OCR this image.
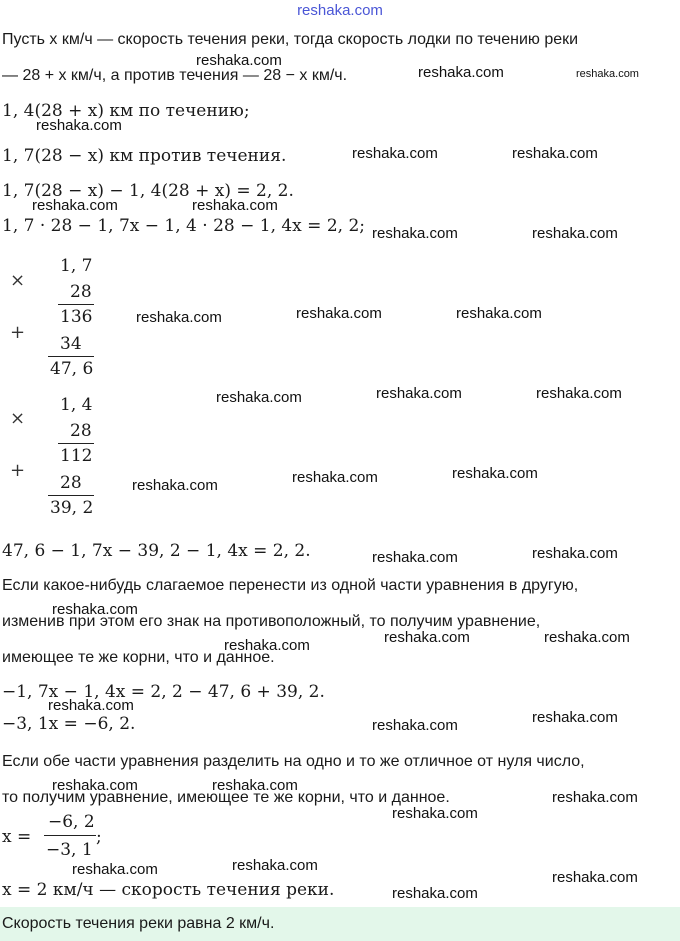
reshaka.com
Пусть x км/ч — скорость течения реки, тогда скорость лодки по течению реки
— 28 + x км/ч, а против течения — 28 − x км/ч.
1, 4(28 + x) км по течению;
1, 7(28 − x) км против течения.
1, 7(28 − x) − 1, 4(28 + x) = 2, 2.
1, 7 · 28 − 1, 7x − 1, 4 · 28 − 1, 4x = 2, 2;
×
+
1, 7
28
136
34
47, 6
×
+
1, 4
28
112
28
39, 2
47, 6 − 1, 7x − 39, 2 − 1, 4x = 2, 2.
Если какое-нибудь слагаемое перенести из одной части уравнения в другую,
изменив при этом его знак на противоположный, то получим уравнение,
имеющее те же корни, что и данное.
−1, 7x − 1, 4x = 2, 2 − 47, 6 + 39, 2.
−3, 1x = −6, 2.
Если обе части уравнения разделить на одно и то же отличное от нуля число,
то получим уравнение, имеющее те же корни, что и данное.
x =
−6, 2
−3, 1
;
x = 2 км/ч — скорость течения реки.
Скорость течения реки равна 2 км/ч.
reshaka.com
reshaka.com	reshaka.com
reshaka.com
reshaka.com	reshaka.com
reshaka.com	reshaka.com
reshaka.com	reshaka.com
reshaka.com	reshaka.com	reshaka.com
reshaka.com	reshaka.com	reshaka.com
reshaka.com	reshaka.com	reshaka.com
reshaka.com	reshaka.com
reshaka.com
reshaka.com	reshaka.com	reshaka.com
reshaka.com
reshaka.com	reshaka.com
reshaka.com	reshaka.com
reshaka.com
reshaka.com
reshaka.com	reshaka.com
reshaka.com
reshaka.com
